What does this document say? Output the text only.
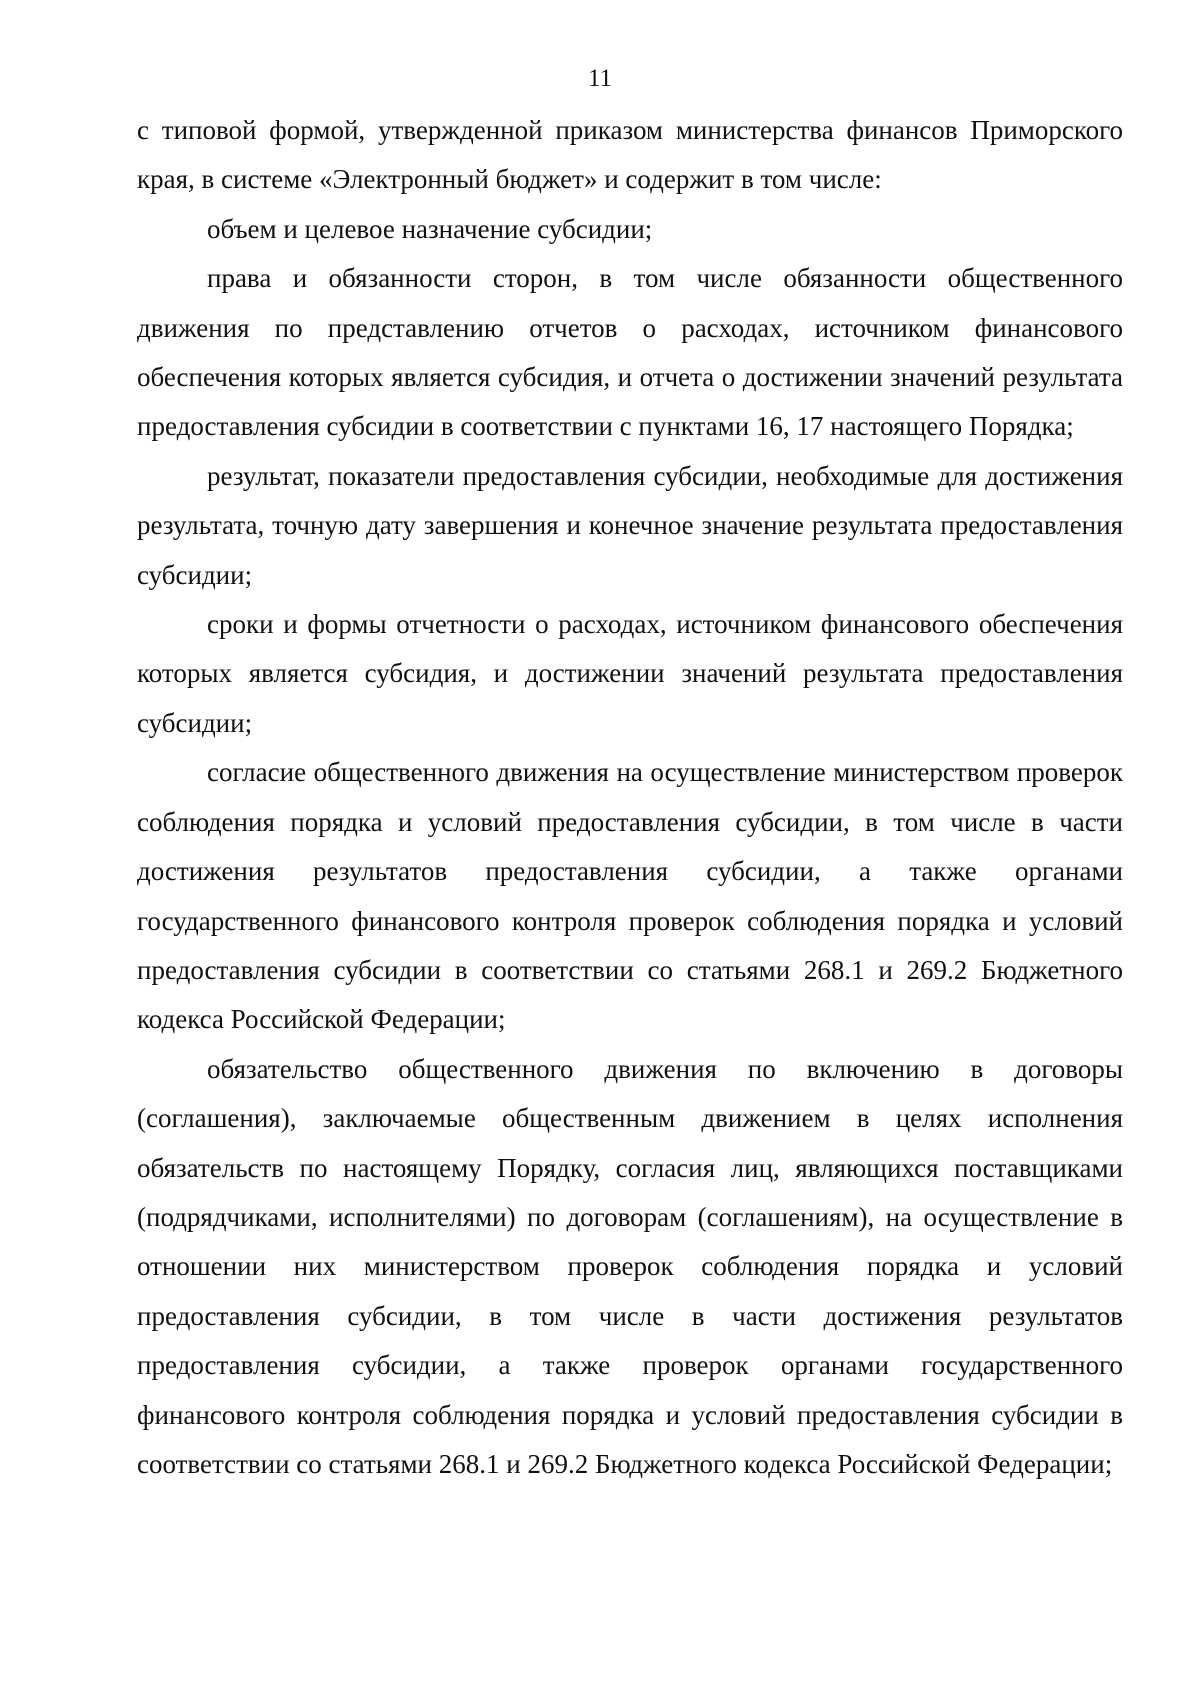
11

с типовой формой, утвержденной приказом министерства финансов Приморского края, в системе «Электронный бюджет» и содержит в том числе:

объем и целевое назначение субсидии;

права и обязанности сторон, в том числе обязанности общественного движения по представлению отчетов о расходах, источником финансового обеспечения которых является субсидия, и отчета о достижении значений результата предоставления субсидии в соответствии с пунктами 16, 17 настоящего Порядка;

результат, показатели предоставления субсидии, необходимые для достижения результата, точную дату завершения и конечное значение результата предоставления субсидии;

сроки и формы отчетности о расходах, источником финансового обеспечения которых является субсидия, и достижении значений результата предоставления субсидии;

согласие общественного движения на осуществление министерством проверок соблюдения порядка и условий предоставления субсидии, в том числе в части достижения результатов предоставления субсидии, а также органами государственного финансового контроля проверок соблюдения порядка и условий предоставления субсидии в соответствии со статьями 268.1 и 269.2 Бюджетного кодекса Российской Федерации;

обязательство общественного движения по включению в договоры (соглашения), заключаемые общественным движением в целях исполнения обязательств по настоящему Порядку, согласия лиц, являющихся поставщиками (подрядчиками, исполнителями) по договорам (соглашениям), на осуществление в отношении них министерством проверок соблюдения порядка и условий предоставления субсидии, в том числе в части достижения результатов предоставления субсидии, а также проверок органами государственного финансового контроля соблюдения порядка и условий предоставления субсидии в соответствии со статьями 268.1 и 269.2 Бюджетного кодекса Российской Федерации;
